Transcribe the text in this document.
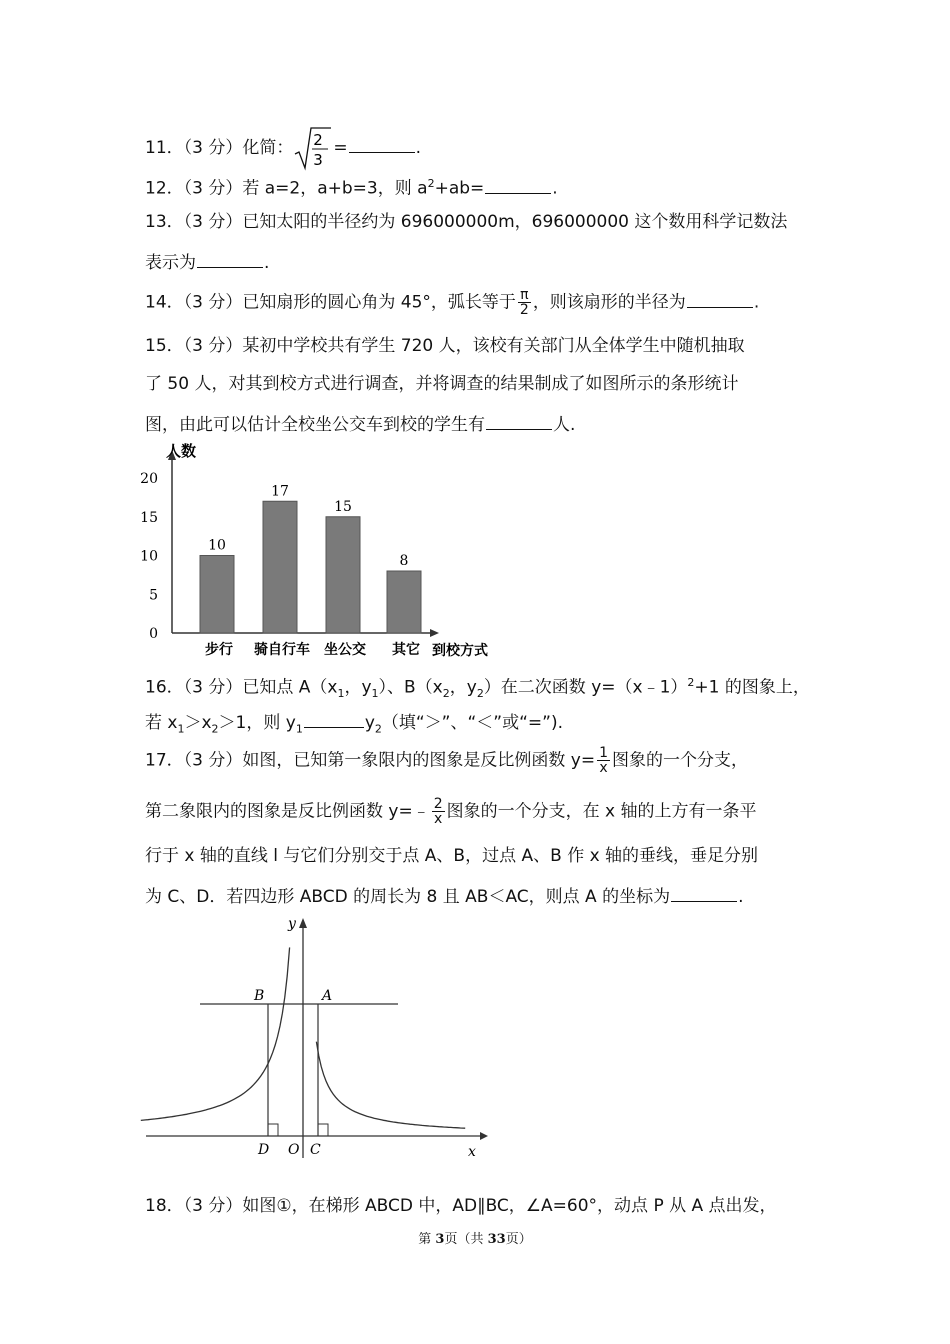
11．（3 分）化简： 2
3
=	.
12．（3 分）若 a=2，a+b=3，则 $a^2+ab=$	.
13．（3 分）已知太阳的半径约为 696000000m，696000000 这个数用科学记数法
表示为	.
14．（3 分）已知扇形的圆心角为 45°，弧长等于 $\frac{\pi}{2}$ ，则该扇形的半径为	.
15．（3 分）某初中学校共有学生 720 人，该校有关部门从全体学生中随机抽取
了 50 人，对其到校方式进行调查，并将调查的结果制成了如图所示的条形统计
图，由此可以估计全校坐公交车到校的学生有	人.
人数
0
5
10
15
20
10
步行
17
骑自行车
15
坐公交
8
其它 到校方式
16．（3 分）已知点 $A(x_1$，$y_1$）、$B(x_2$，$y_2$）在二次函数 y=（x﹣1）$^2$+1 的图象上，
若 $x_1>x_2>1$，则 $y_1$	$y_2$（填“＞”、“＜”或“=”).
17．（3 分）如图，已知第一象限内的图象是反比例函数 $y= \frac{1}{x}$ 图象的一个分支，
第二象限内的图象是反比例函数 y=﹣ $\frac{2}{x}$ 图象的一个分支，在 x 轴的上方有一条平
行于 x 轴的直线 l 与它们分别交于点 A、B，过点 A、B 作 x 轴的垂线，垂足分别
为 C、D．若四边形 ABCD 的周长为 8 且 AB＜AC，则点 A 的坐标为	.
y
x
B	A
D O C
18．（3 分）如图①，在梯形 ABCD 中，AD∥BC，∠A=60°，动点 P 从 A 点出发，
第 3页（共 33页）
